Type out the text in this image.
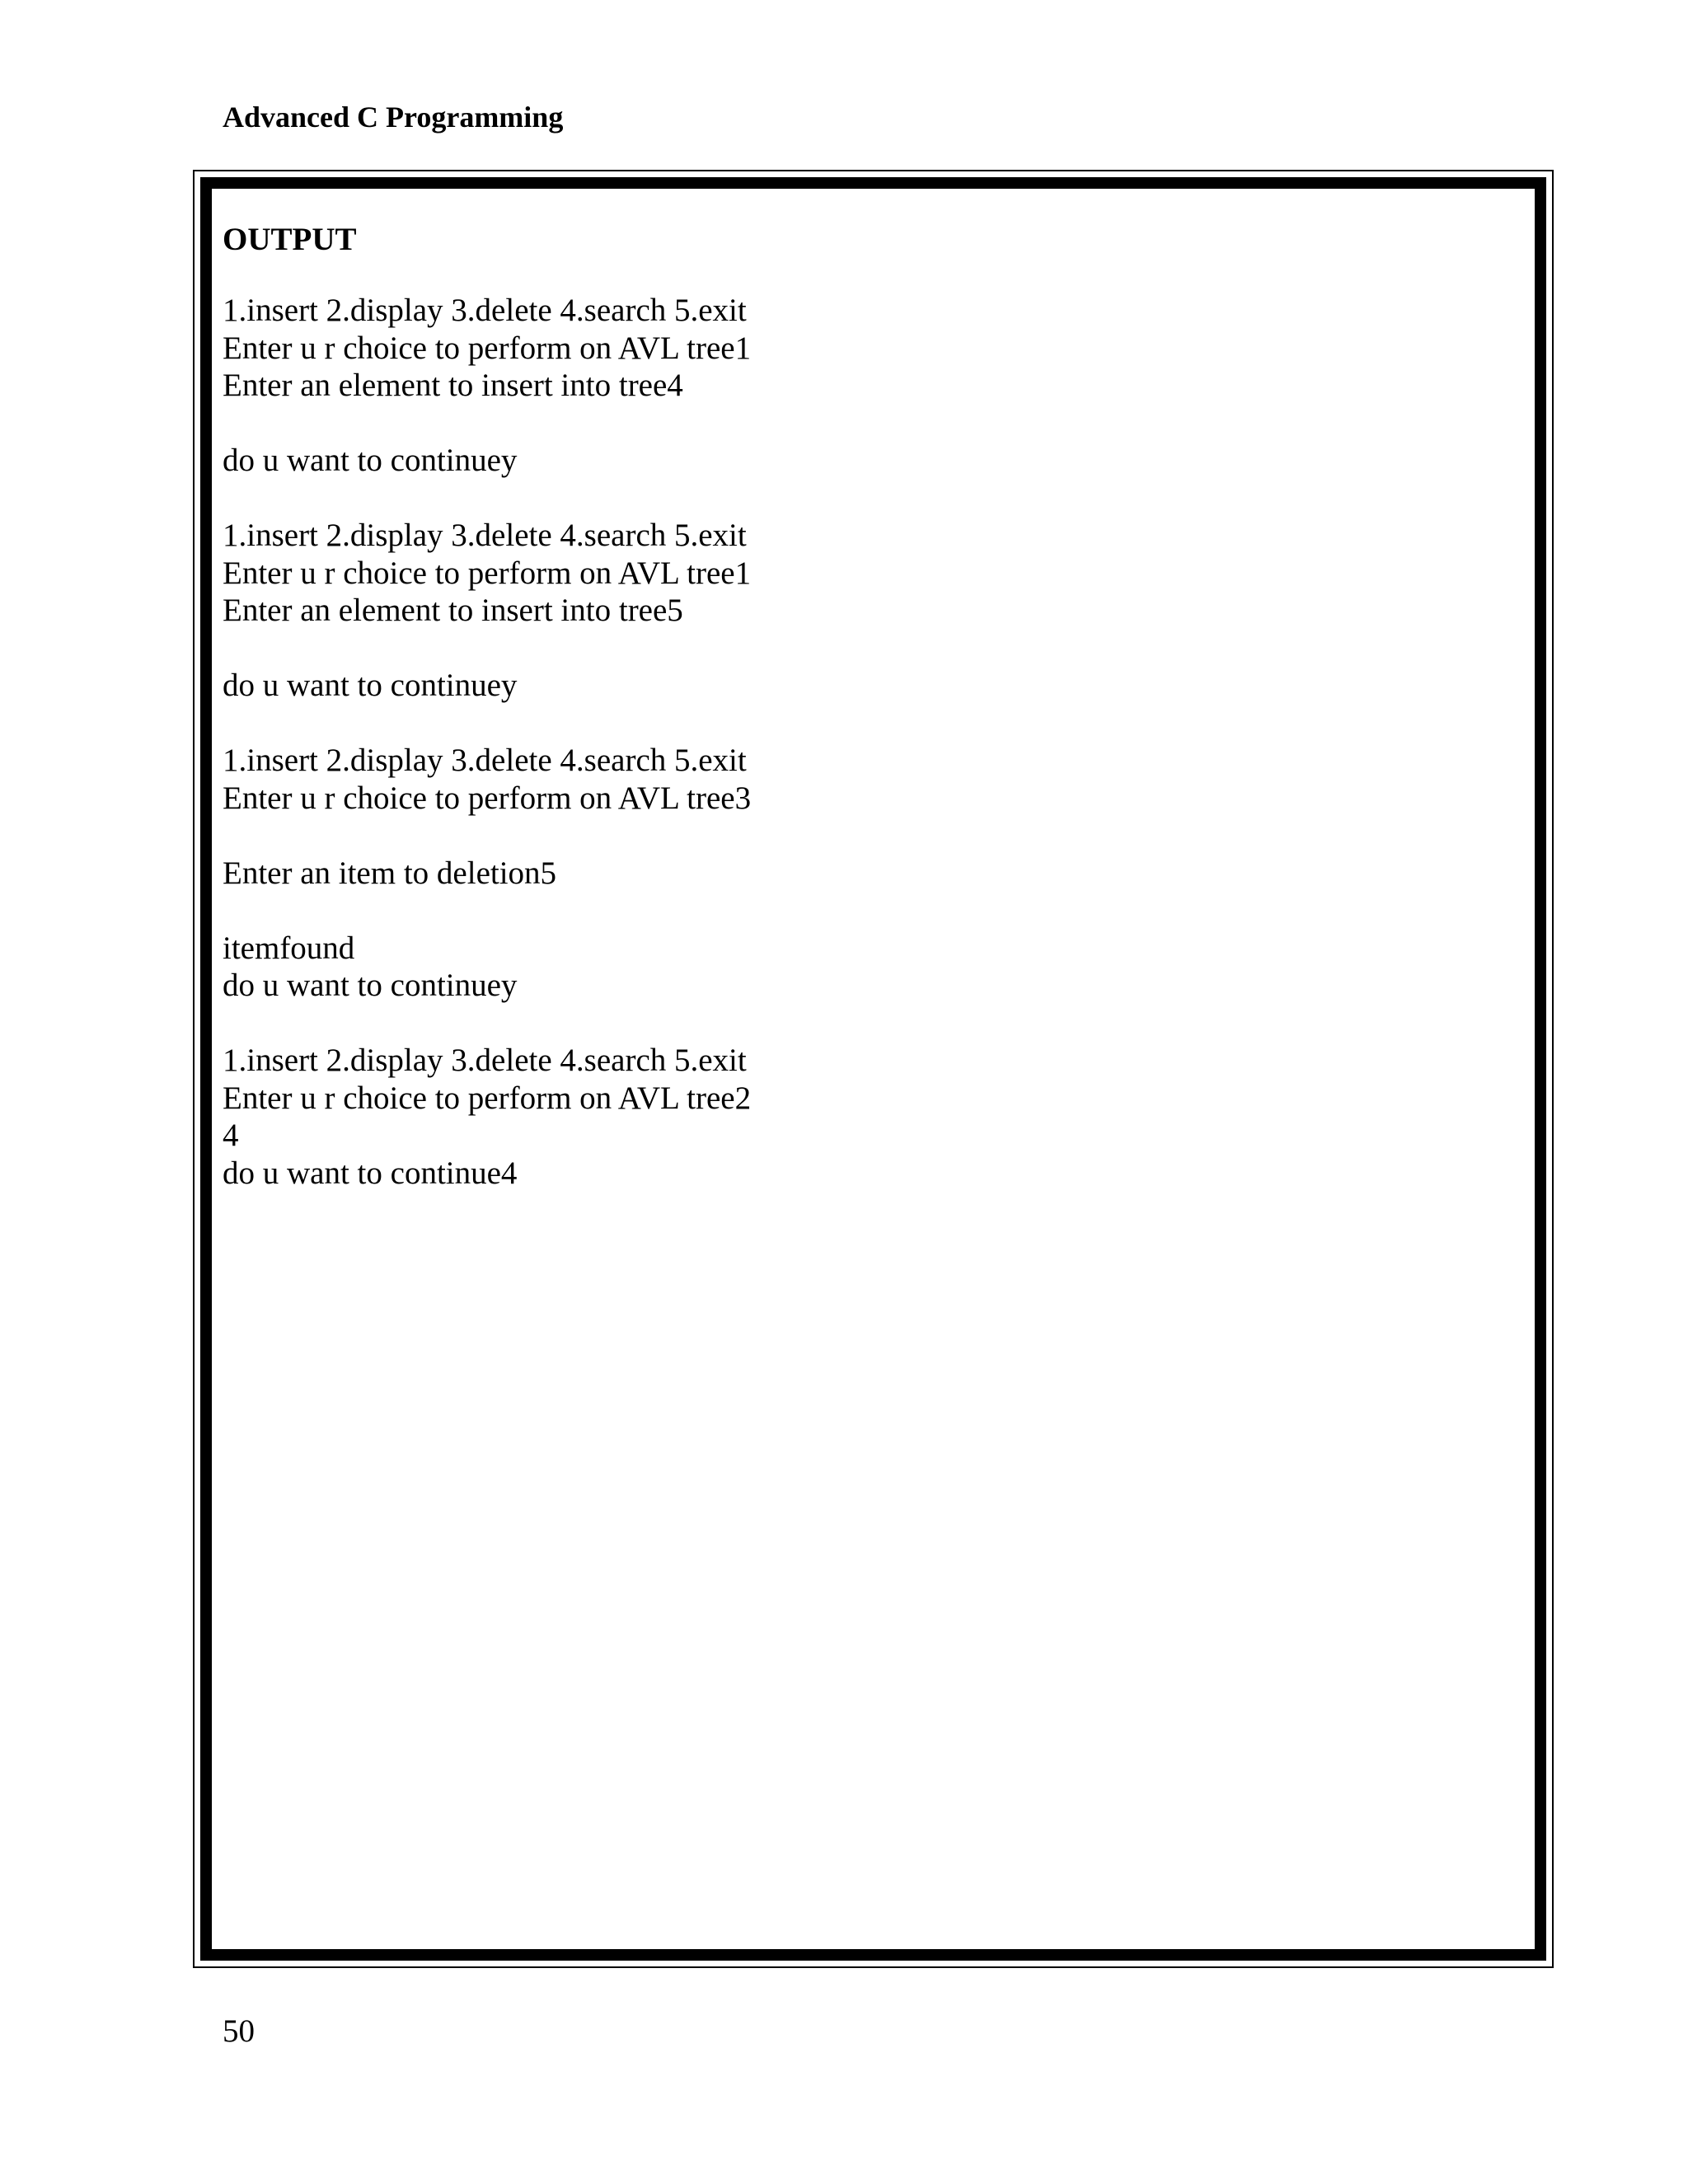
Advanced C Programming
OUTPUT
1.insert 2.display 3.delete 4.search 5.exit
Enter u r choice to perform on AVL tree1
Enter an element to insert into tree4
do u want to continuey
1.insert 2.display 3.delete 4.search 5.exit
Enter u r choice to perform on AVL tree1
Enter an element to insert into tree5
do u want to continuey
1.insert 2.display 3.delete 4.search 5.exit
Enter u r choice to perform on AVL tree3
Enter an item to deletion5
itemfound
do u want to continuey
1.insert 2.display 3.delete 4.search 5.exit
Enter u r choice to perform on AVL tree2
4
do u want to continue4
50
